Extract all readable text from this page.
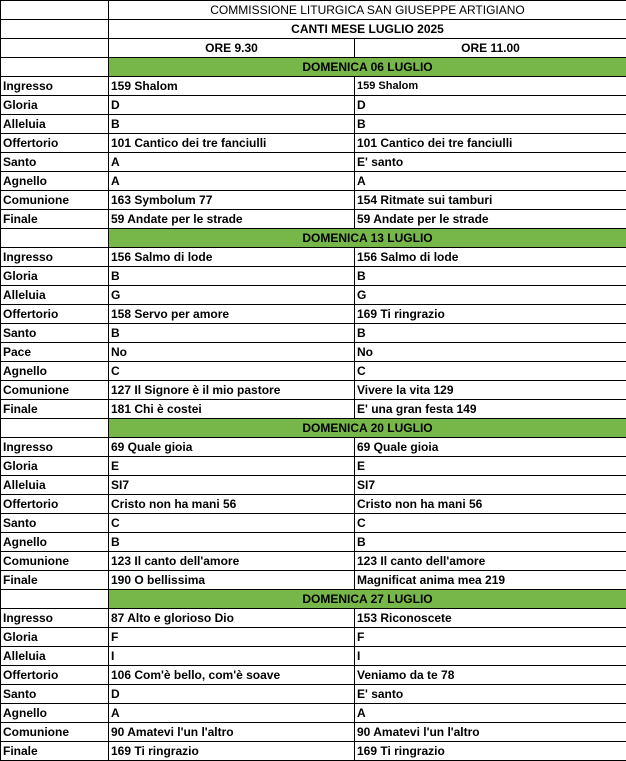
	COMMISSIONE LITURGICA SAN GIUSEPPE ARTIGIANO	
	CANTI MESE LUGLIO 2025	
	ORE 9.30	ORE 11.00
	DOMENICA 06 LUGLIO	
Ingresso	159 Shalom	159 Shalom
Gloria	D	D
Alleluia	B	B
Offertorio	101 Cantico dei tre fanciulli	101 Cantico dei tre fanciulli
Santo	A	E' santo
Agnello	A	A
Comunione	163 Symbolum 77	154 Ritmate sui tamburi
Finale	59 Andate per le strade	59 Andate per le strade
	DOMENICA 13 LUGLIO	
Ingresso	156 Salmo di lode	156 Salmo di lode
Gloria	B	B
Alleluia	G	G
Offertorio	158 Servo per amore	169 Ti ringrazio
Santo	B	B
Pace	No	No
Agnello	C	C
Comunione	127 Il Signore è il mio pastore	Vivere la vita 129
Finale	181 Chi è costei	E' una gran festa 149
	DOMENICA 20 LUGLIO	
Ingresso	69 Quale gioia	69 Quale gioia
Gloria	E	E
Alleluia	SI7	SI7
Offertorio	Cristo non ha mani 56	Cristo non ha mani 56
Santo	C	C
Agnello	B	B
Comunione	123 Il canto dell'amore	123 Il canto dell'amore
Finale	190 O bellissima	Magnificat anima mea 219
	DOMENICA 27 LUGLIO	
Ingresso	87 Alto e glorioso Dio	153 Riconoscete
Gloria	F	F
Alleluia	I	I
Offertorio	106 Com'è bello, com'è soave	Veniamo da te 78
Santo	D	E' santo
Agnello	A	A
Comunione	90 Amatevi l'un l'altro	90 Amatevi l'un l'altro
Finale	169 Ti ringrazio	169 Ti ringrazio
